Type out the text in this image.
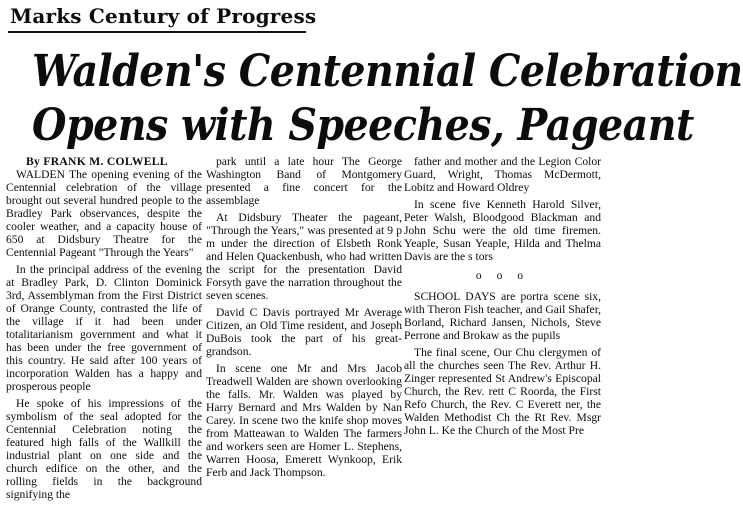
Marks Century of Progress
Walden's Centennial Celebration
Opens with Speeches, Pageant

By FRANK M. COLWELL

WALDEN The opening evening of the Centennial celebration of the village brought out several hundred people to the Bradley Park observances, despite the cooler weather, and a capacity house of 650 at Didsbury Theatre for the Centennial Pageant "Through the Years"

In the principal address of the evening at Bradley Park, D. Clinton Dominick 3rd, Assemblyman from the First District of Orange County, contrasted the life of the village if it had been under totalitarianism government and what it has been under the free government of this country. He said after 100 years of incorporation Walden has a happy and prosperous people

He spoke of his impressions of the symbolism of the seal adopted for the Centennial Celebration noting the featured high falls of the Wallkill the industrial plant on one side and the church edifice on the other, and the rolling fields in the background signifying the

park until a late hour The George Washington Band of Montgomery presented a fine concert for the assemblage

At Didsbury Theater the pageant, "Through the Years," was presented at 9 p m under the direction of Elsbeth Ronk and Helen Quackenbush, who had written the script for the presentation David Forsyth gave the narration throughout the seven scenes.

David C Davis portrayed Mr Average Citizen, an Old Time resident, and Joseph DuBois took the part of his great-grandson.

In scene one Mr and Mrs Jacob Treadwell Walden are shown overlooking the falls. Mr. Walden was played by Harry Bernard and Mrs Walden by Nan Carey. In scene two the knife shop moves from Matteawan to Walden The farmers and workers seen are Homer L. Stephens, Warren Hoosa, Emerett Wynkoop, Erik Ferb and Jack Thompson.

father and mother and the Legion Color Guard, Wright, Thomas McDermott, Lobitz and Howard Oldrey

In scene five Kenneth Harold Silver, Peter Walsh, Bloodgood Blackman and John Schu were the old time firemen. Yeaple, Susan Yeaple, Hilda and Thelma Davis are the s tors

o o o

SCHOOL DAYS are portra scene six, with Theron Fish teacher, and Gail Shafer, Borland, Richard Jansen, Nichols, Steve Perrone and Brokaw as the pupils

The final scene, Our Chu clergymen of all the churches seen The Rev. Arthur H. Zinger represented St Andrew's Episcopal Church, the Rev. rett C Roorda, the First Refo Church, the Rev. C Everett ner, the Walden Methodist Ch the Rt Rev. Msgr John L. Ke the Church of the Most Pre
